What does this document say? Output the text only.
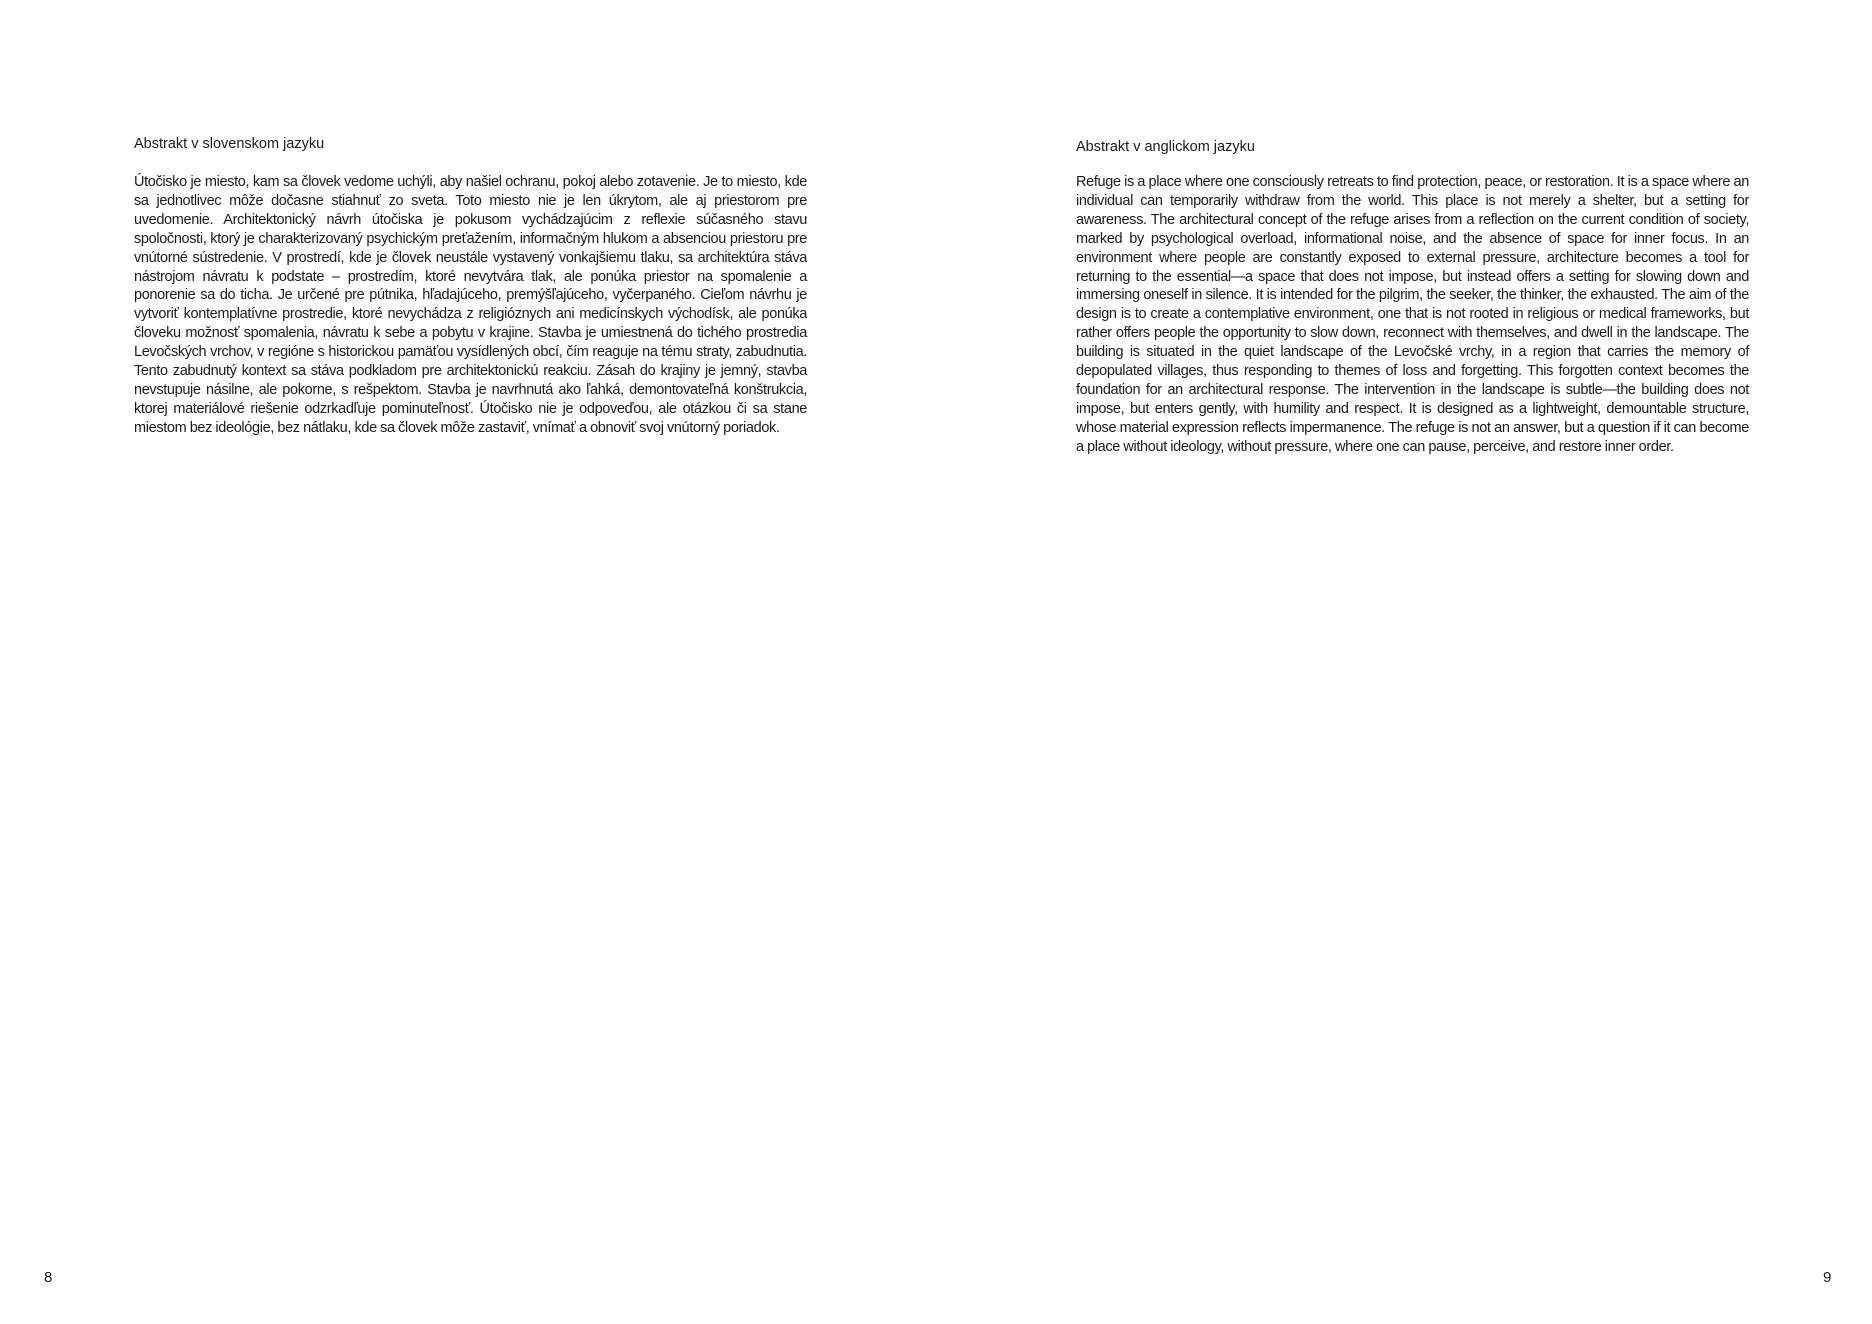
Abstrakt v slovenskom jazyku

Útočisko je miesto, kam sa človek vedome uchýli, aby našiel ochranu, pokoj alebo zotavenie. Je to miesto, kde sa jednotlivec môže dočasne stiahnuť zo sveta. Toto miesto nie je len úkrytom, ale aj priestorom pre uvedomenie. Architektonický návrh útočiska je pokusom vychádzajúcim z reflexie súčasného stavu spoločnosti, ktorý je charakterizovaný psychickým preťažením, informačným hlukom a absenciou priestoru pre vnútorné sústredenie. V prostredí, kde je človek neustále vystavený vonkajšiemu tlaku, sa architektúra stáva nástrojom návratu k podstate – prostredím, ktoré nevytvára tlak, ale ponúka priestor na spomalenie a ponorenie sa do ticha. Je určené pre pútnika, hľadajúceho, premýšľajúceho, vyčerpaného. Cieľom návrhu je vytvoriť kontemplatívne prostredie, ktoré nevychádza z religióznych ani medicínskych východísk, ale ponúka človeku možnosť spomalenia, návratu k sebe a pobytu v krajine. Stavba je umiestnená do tichého prostredia Levočských vrchov, v regióne s historickou pamäťou vysídlených obcí, čím reaguje na tému straty, zabudnutia. Tento zabudnutý kontext sa stáva podkladom pre architektonickú reakciu. Zásah do krajiny je jemný, stavba nevstupuje násilne, ale pokorne, s rešpektom. Stavba je navrhnutá ako ľahká, demontovateľná konštrukcia, ktorej materiálové riešenie odzrkadľuje pominuteľnosť. Útočisko nie je odpoveďou, ale otázkou či sa stane miestom bez ideológie, bez nátlaku, kde sa človek môže zastaviť, vnímať a obnoviť svoj vnútorný poriadok.

8
Abstrakt v anglickom jazyku

Refuge is a place where one consciously retreats to find protection, peace, or restoration. It is a space where an individual can temporarily withdraw from the world. This place is not merely a shelter, but a setting for awareness. The architectural concept of the refuge arises from a reflection on the current condition of society, marked by psychological overload, informational noise, and the absence of space for inner focus. In an environment where people are constantly exposed to external pressure, architecture becomes a tool for returning to the essential—a space that does not impose, but instead offers a setting for slowing down and immersing oneself in silence. It is intended for the pilgrim, the seeker, the thinker, the exhausted. The aim of the design is to create a contemplative environment, one that is not rooted in religious or medical frameworks, but rather offers people the opportunity to slow down, reconnect with themselves, and dwell in the landscape. The building is situated in the quiet landscape of the Levočské vrchy, in a region that carries the memory of depopulated villages, thus responding to themes of loss and forgetting. This forgotten context becomes the foundation for an architectural response. The intervention in the landscape is subtle—the building does not impose, but enters gently, with humility and respect. It is designed as a lightweight, demountable structure, whose material expression reflects impermanence. The refuge is not an answer, but a question if it can become a place without ideology, without pressure, where one can pause, perceive, and restore inner order.

9
